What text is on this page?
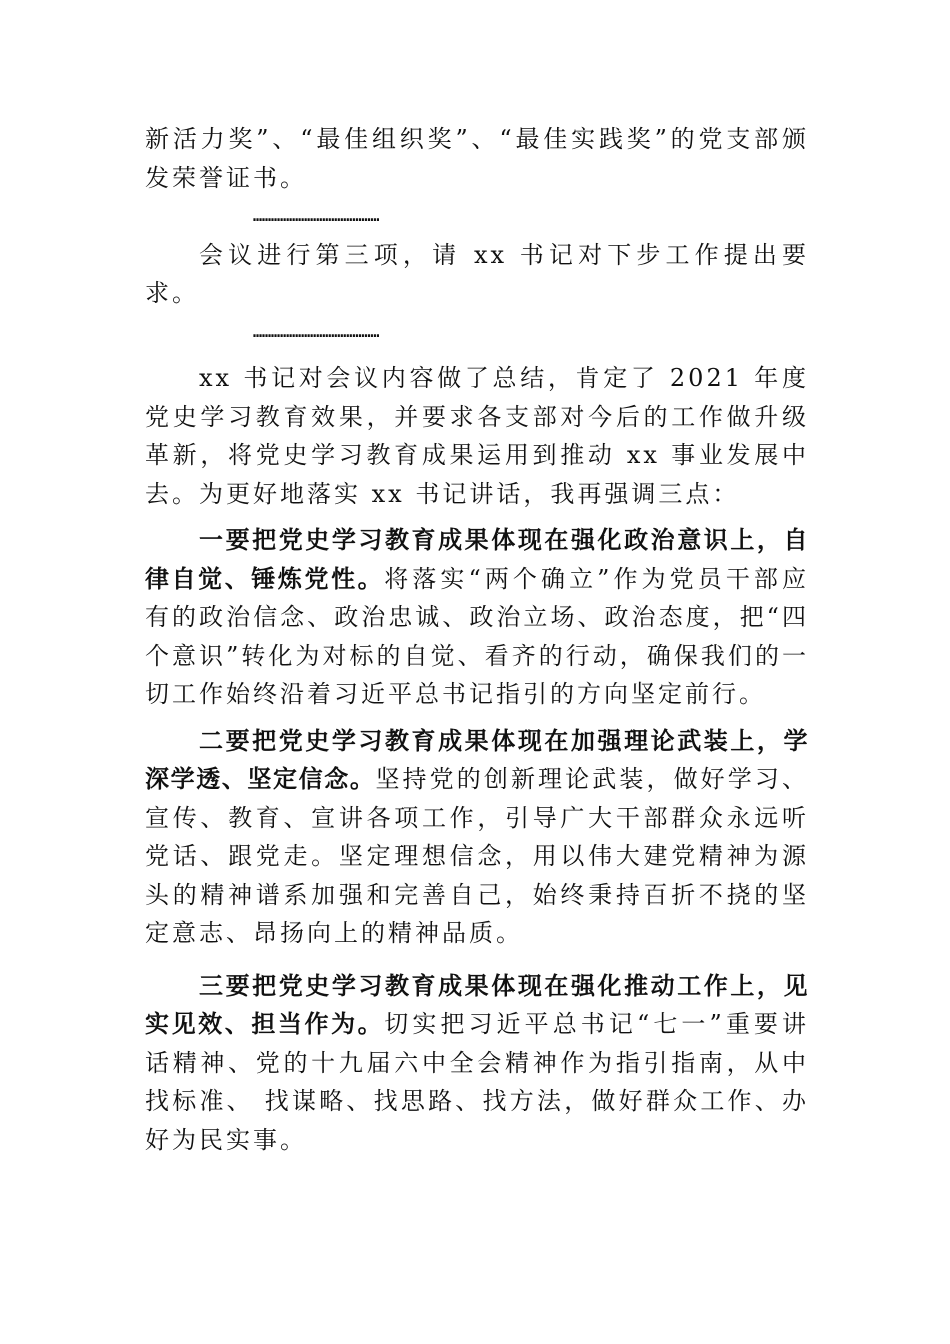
新活力奖”、“最佳组织奖”、“最佳实践奖”的党支部颁发荣誉证书。

……………………………………

会议进行第三项，请 xx 书记对下步工作提出要求。

……………………………………

xx 书记对会议内容做了总结，肯定了 2021 年度党史学习教育效果，并要求各支部对今后的工作做升级革新，将党史学习教育成果运用到推动 xx 事业发展中去。为更好地落实 xx 书记讲话，我再强调三点：

一要把党史学习教育成果体现在强化政治意识上，自律自觉、锤炼党性。将落实“两个确立”作为党员干部应有的政治信念、政治忠诚、政治立场、政治态度，把“四个意识”转化为对标的自觉、看齐的行动，确保我们的一切工作始终沿着习近平总书记指引的方向坚定前行。

二要把党史学习教育成果体现在加强理论武装上，学深学透、坚定信念。坚持党的创新理论武装，做好学习、宣传、教育、宣讲各项工作，引导广大干部群众永远听党话、跟党走。坚定理想信念，用以伟大建党精神为源头的精神谱系加强和完善自己，始终秉持百折不挠的坚定意志、昂扬向上的精神品质。

三要把党史学习教育成果体现在强化推动工作上，见实见效、担当作为。切实把习近平总书记“七一”重要讲话精神、党的十九届六中全会精神作为指引指南，从中找标准、 找谋略、找思路、找方法，做好群众工作、办好为民实事。
